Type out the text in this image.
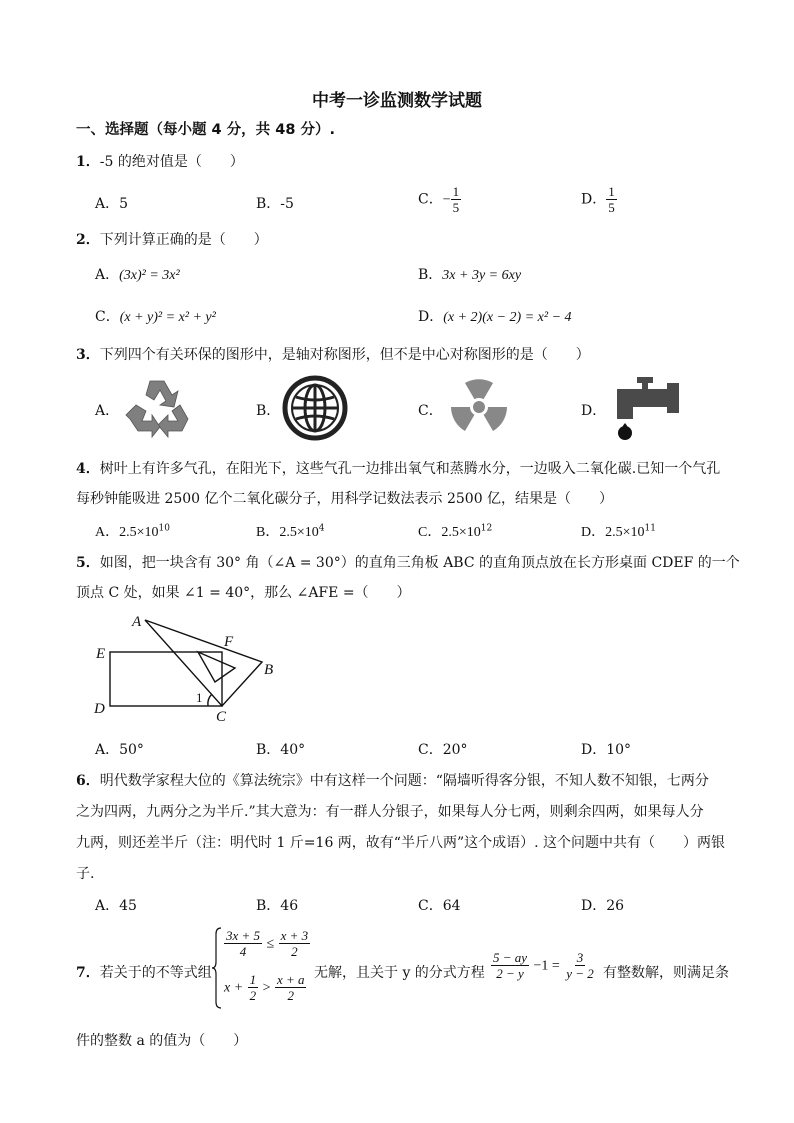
中考一诊监测数学试题
一、选择题（每小题 4 分，共 48 分）.
1．-5 的绝对值是（　　）
A．5	B．-5	C．− $\frac{1}{5}$	D． $\frac{1}{5}$
2．下列计算正确的是（　　）
A．(3x)² = 3x²	B．3x + 3y = 6xy
C．(x + y)² = x² + y²	D．(x + 2)(x − 2) = x² − 4
3．下列四个有关环保的图形中，是轴对称图形，但不是中心对称图形的是（　　）
A．	B．	C．	D．
4．树叶上有许多气孔，在阳光下，这些气孔一边排出氧气和蒸腾水分，一边吸入二氧化碳.已知一个气孔
每秒钟能吸进 2500 亿个二氧化碳分子，用科学记数法表示 2500 亿，结果是（　　）
A．$2.5\times 10^{10}$	B．$2.5\times 10^4$	C．$2.5\times 10^{12}$	D．$2.5\times 10^{11}$
5．如图，把一块含有 30° 角（∠A = 30°）的直角三角板 ABC 的直角顶点放在长方形桌面 CDEF 的一个
顶点 C 处，如果 ∠1 = 40°，那么 ∠AFE =（　　）
A
B
C
D
E
F
1
A．50°	B．40°	C．20°	D．10°
6．明代数学家程大位的《算法统宗》中有这样一个问题：“隔墙听得客分银，不知人数不知银，七两分
之为四两，九两分之为半斤.”其大意为：有一群人分银子，如果每人分七两，则剩余四两，如果每人分
九两，则还差半斤（注：明代时 1 斤=16 两，故有“半斤八两”这个成语）. 这个问题中共有（　　）两银
子.
A．45	B．46	C．64	D．26
7．若关于的不等式组
$\frac{3x + 5}{4} \le \frac{x + 3}{2}$
$x + \frac{1}{2} > \frac{x + a}{2}$ 无解，且关于 y 的分式方程 $\frac{5 - ay}{2 - y} -1 = \frac{3}{y - 2}$ 有整数解，则满足条
件的整数 a 的值为（　　）
